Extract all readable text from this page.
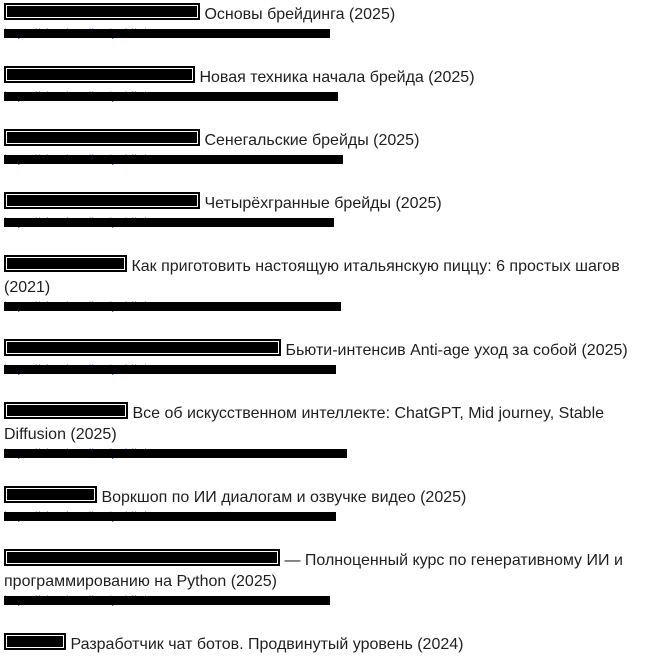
Основы брейдинга (2025)
Новая техника начала брейда (2025)
Сенегальские брейды (2025)
Четырёхгранные брейды (2025)
Как приготовить настоящую итальянскую пиццу: 6 простых шагов (2021)
Бьюти-интенсив Anti-age уход за собой (2025)
Все об искусственном интеллекте: ChatGPT, Mid journey, Stable Diffusion (2025)
Воркшоп по ИИ диалогам и озвучке видео (2025)
— Полноценный курс по генеративному ИИ и программированию на Python (2025)
Разработчик чат ботов. Продвинутый уровень (2024)
